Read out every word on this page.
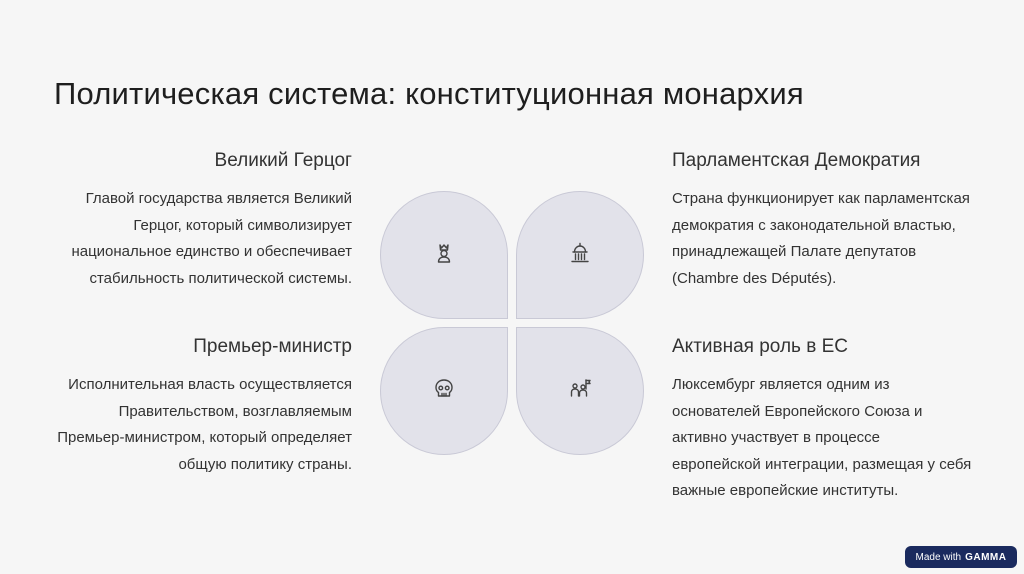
Политическая система: конституционная монархия
Великий Герцог

Главой государства является Великий Герцог, который символизирует национальное единство и обеспечивает стабильность политической системы.

Парламентская Демократия

Страна функционирует как парламентская демократия с законодательной властью, принадлежащей Палате депутатов (Chambre des Députés).

Премьер-министр

Исполнительная власть осуществляется Правительством, возглавляемым Премьер-министром, который определяет общую политику страны.

Активная роль в ЕС

Люксембург является одним из основателей Европейского Союза и активно участвует в процессе европейской интеграции, размещая у себя важные европейские институты.

Made with GAMMA
